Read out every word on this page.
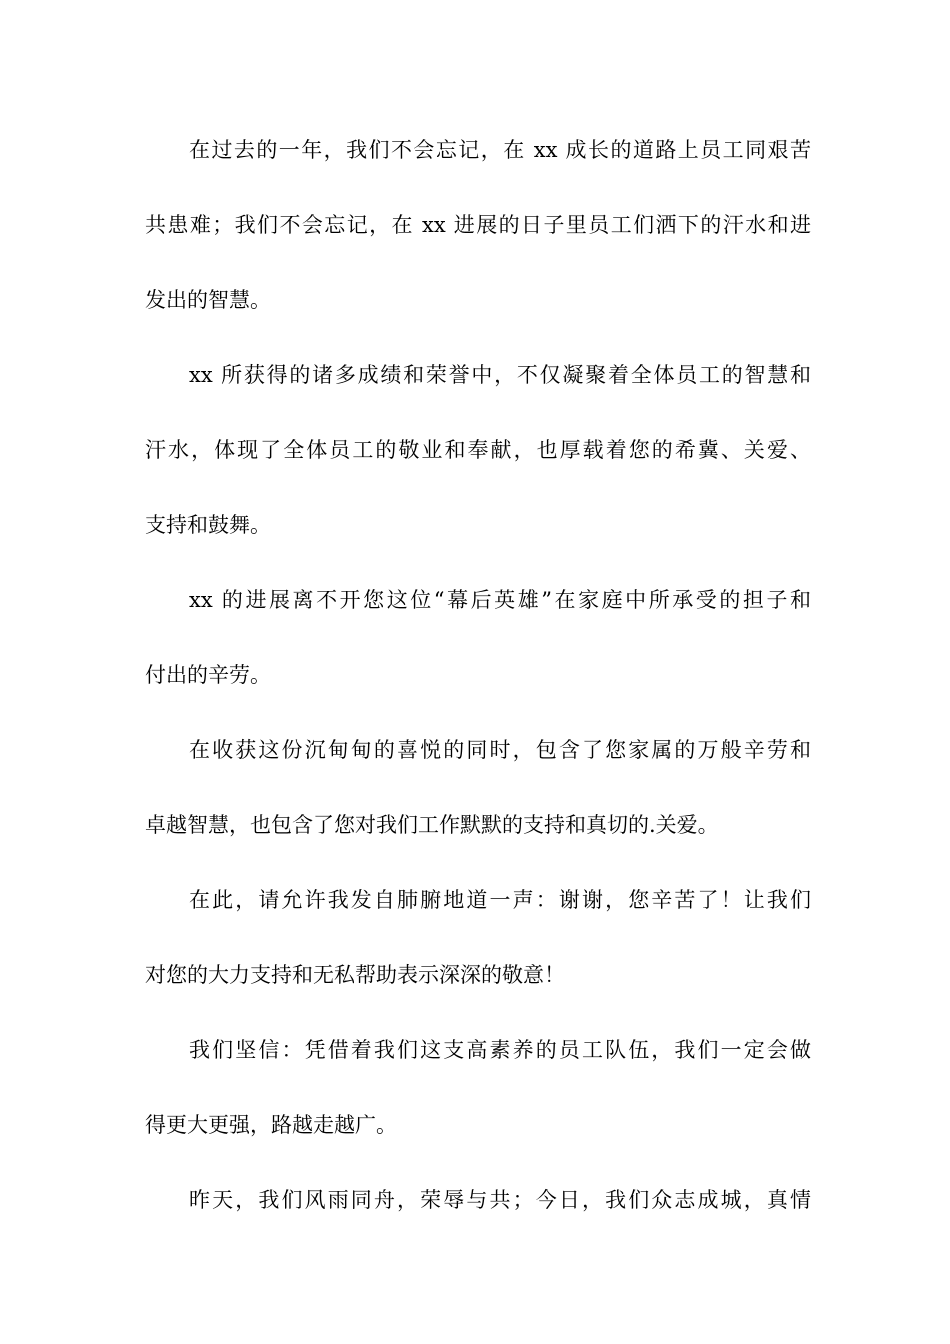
在过去的一年，我们不会忘记，在 xx 成长的道路上员工同艰苦
共患难；我们不会忘记，在 xx 进展的日子里员工们洒下的汗水和进
发出的智慧。
xx 所获得的诸多成绩和荣誉中，不仅凝聚着全体员工的智慧和
汗水，体现了全体员工的敬业和奉献，也厚载着您的希冀、关爱、
支持和鼓舞。
xx 的进展离不开您这位“幕后英雄”在家庭中所承受的担子和
付出的辛劳。
在收获这份沉甸甸的喜悦的同时，包含了您家属的万般辛劳和
卓越智慧，也包含了您对我们工作默默的支持和真切的.关爱。
在此，请允许我发自肺腑地道一声：谢谢，您辛苦了！让我们
对您的大力支持和无私帮助表示深深的敬意！
我们坚信：凭借着我们这支高素养的员工队伍，我们一定会做
得更大更强，路越走越广。
昨天，我们风雨同舟，荣辱与共；今日，我们众志成城，真情
